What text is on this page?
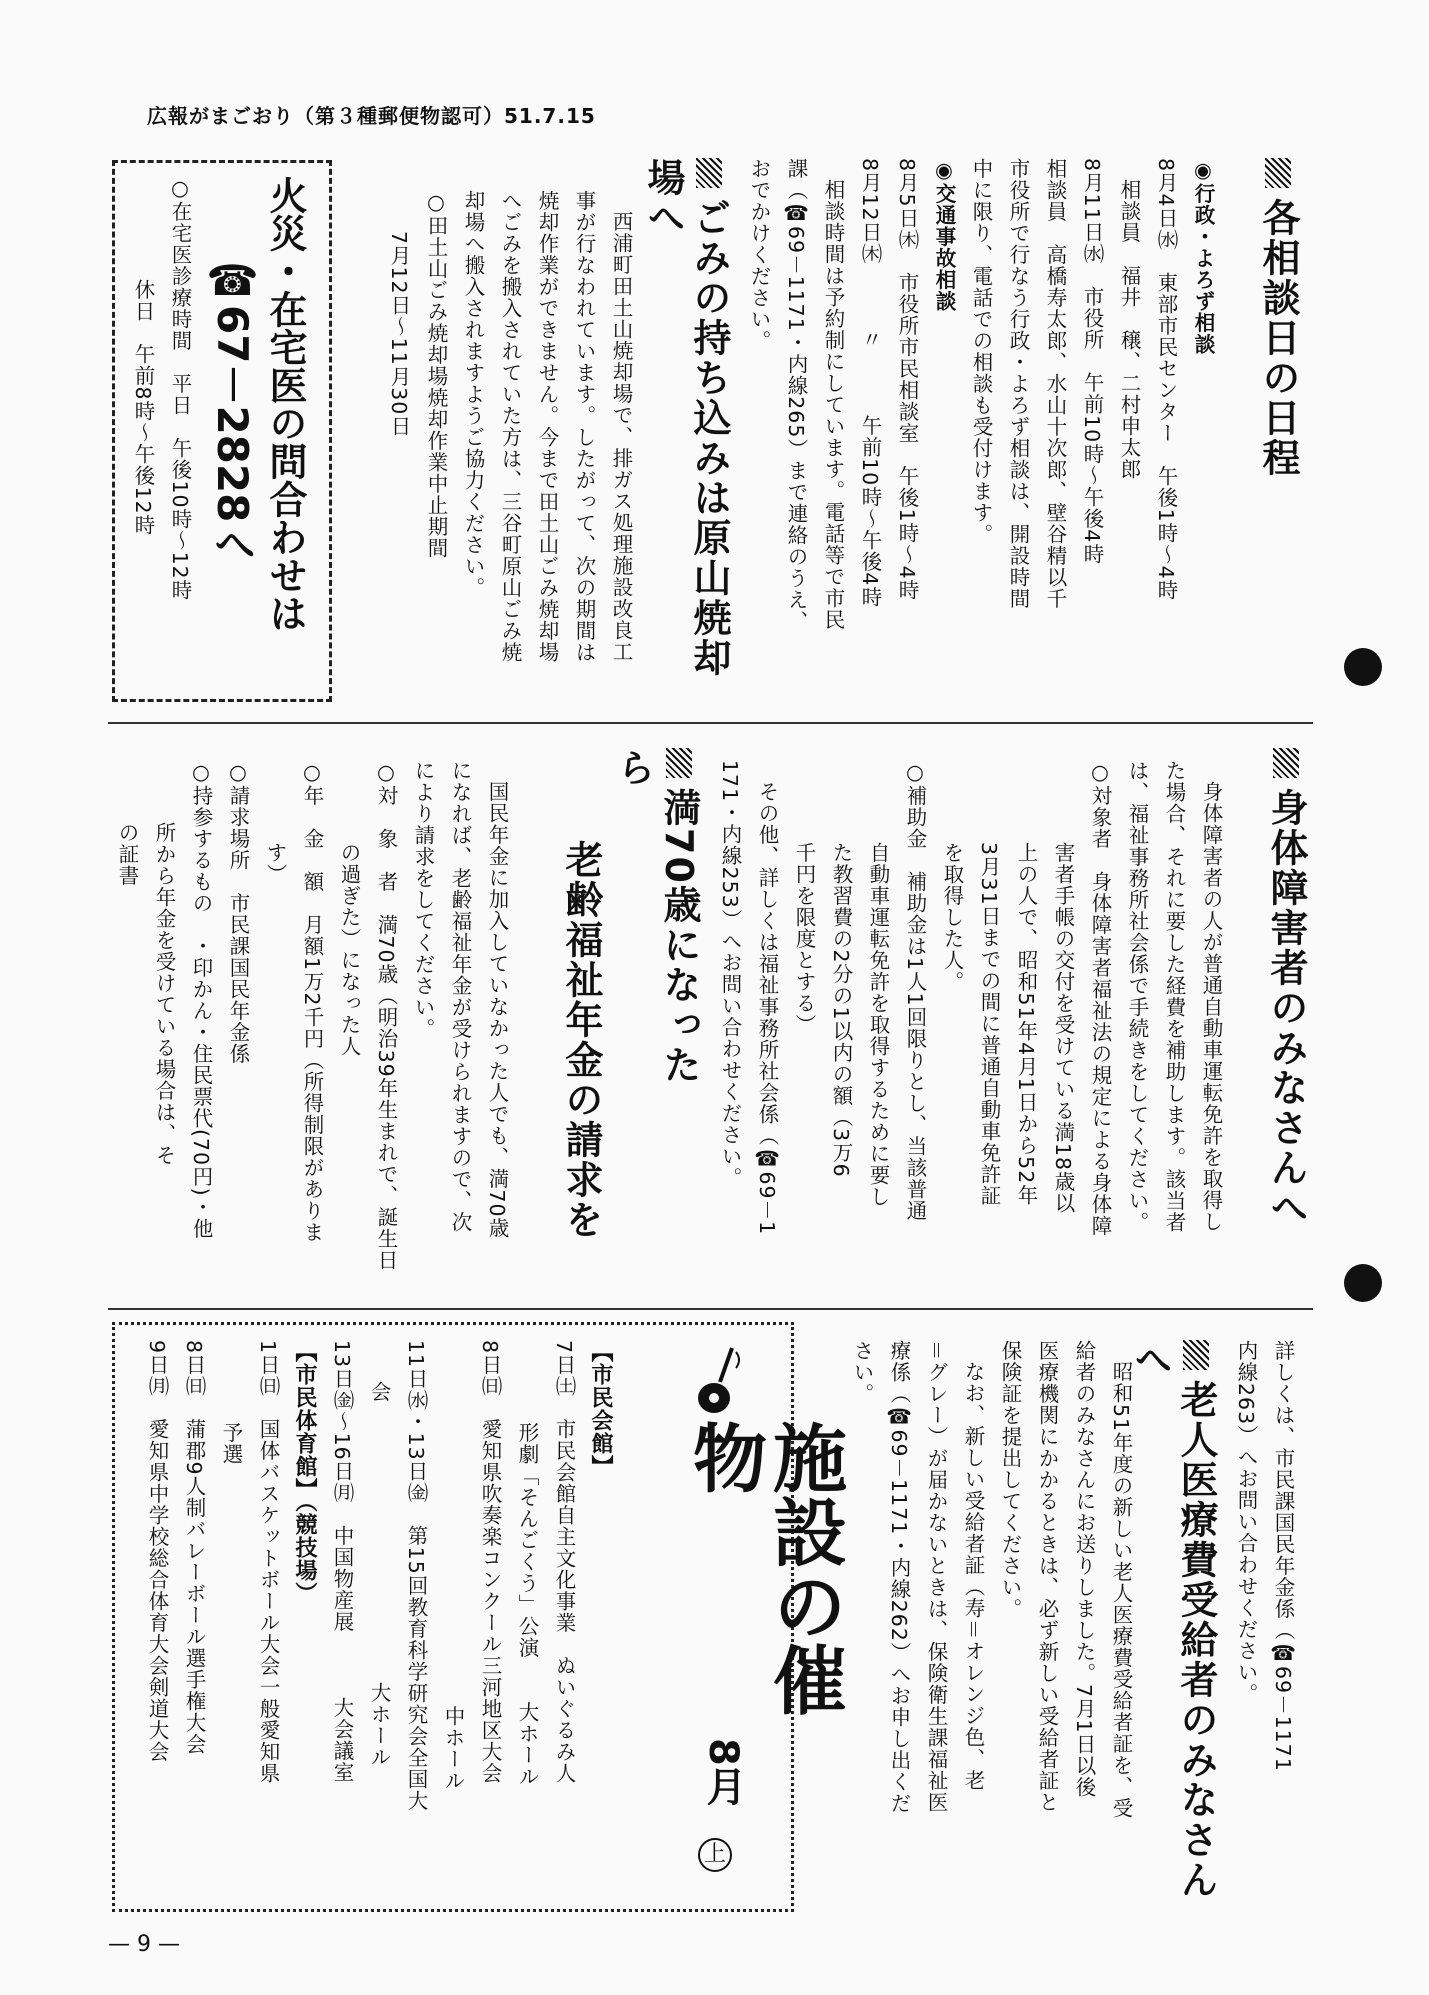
広報がまごおり（第３種郵便物認可）51.7.15
各相談日の日程

◉行政・よろず相談

8月4日㈬　東部市民センター　午後1時～4時

相談員　福井　穣、二村申太郎

8月11日㈬　市役所　午前10時～午後4時

相談員　高橋寿太郎、水山十次郎、壁谷精以千

市役所で行なう行政・よろず相談は、開設時間

中に限り、電話での相談も受付けます。

◉交通事故相談

8月5日㈭　市役所市民相談室　午後1時～4時

8月12日㈭　　　〃　　　午前10時～午後4時

相談時間は予約制にしています。電話等で市民

課（☎69－1171・内線265）まで連絡のうえ、

おでかけください。

ごみの持ち込みは原山焼却場へ

西浦町田土山焼却場で、排ガス処理施設改良工

事が行なわれています。したがって、次の期間は

焼却作業ができません。今まで田土山ごみ焼却場

へごみを搬入されていた方は、三谷町原山ごみ焼

却場へ搬入されますようご協力ください。

○田土山ごみ焼却場焼却作業中止期間

7月12日～11月30日

火災・在宅医の問合わせは
☎67－2828へ

○在宅医診療時間　平日　午後10時～12時

休日　午前8時～午後12時

身体障害者のみなさんへ

身体障害者の人が普通自動車運転免許を取得し

た場合、それに要した経費を補助します。該当者

は、福祉事務所社会係で手続きをしてください。

○対象者　身体障害者福祉法の規定による身体障

害者手帳の交付を受けている満18歳以

上の人で、昭和51年4月1日から52年

3月31日までの間に普通自動車免許証

を取得した人。

○補助金　補助金は1人1回限りとし、当該普通

自動車運転免許を取得するために要し

た教習費の2分の1以内の額（3万6

千円を限度とする）

その他、詳しくは福祉事務所社会係（☎69－1

171・内線253）へお問い合わせください。

満70歳になったら
老齢福祉年金の請求を

国民年金に加入していなかった人でも、満70歳

になれば、老齢福祉年金が受けられますので、次

により請求をしてください。

○対　象　者　満70歳（明治39年生まれで、誕生日

の過ぎた）になった人

○年　金　額　月額1万2千円（所得制限がありま

す）

○請求場所　市民課国民年金係

○持参するもの　・印かん・住民票代(70円)・他

所から年金を受けている場合は、そ

の証書

詳しくは、市民課国民年金係（☎69－1171

内線263）へお問い合わせください。

老人医療費受給者のみなさんへ

昭和51年度の新しい老人医療費受給者証を、受

給者のみなさんにお送りしました。7月1日以後

医療機関にかかるときは、必ず新しい受給者証と

保険証を提出してください。

なお、新しい受給者証（寿＝オレンジ色、老

＝グレー）が届かないときは、保険衛生課福祉医

療係（☎69－1171・内線262）へお申し出くだ

さい。

施設の催物
8月
上

【市民会館】

7日㈯　市民会館自主文化事業　ぬいぐるみ人

形劇「そんごくう」公演　　大ホール

8日㈰　愛知県吹奏楽コンクール三河地区大会

　　　　　　　　　　　　　　　　　中ホール

11日㈬・13日㈮　第15回教育科学研究会全国大

会　　　　　　　　　　　　　大ホール

13日㈮～16日㈪　中国物産展　　　大会議室

【市民体育館】（競技場）

1日㈰　国体バスケットボール大会一般愛知県

予選

8日㈰　蒲郡9人制バレーボール選手権大会

9日㈪　愛知県中学校総合体育大会剣道大会

— 9 —
